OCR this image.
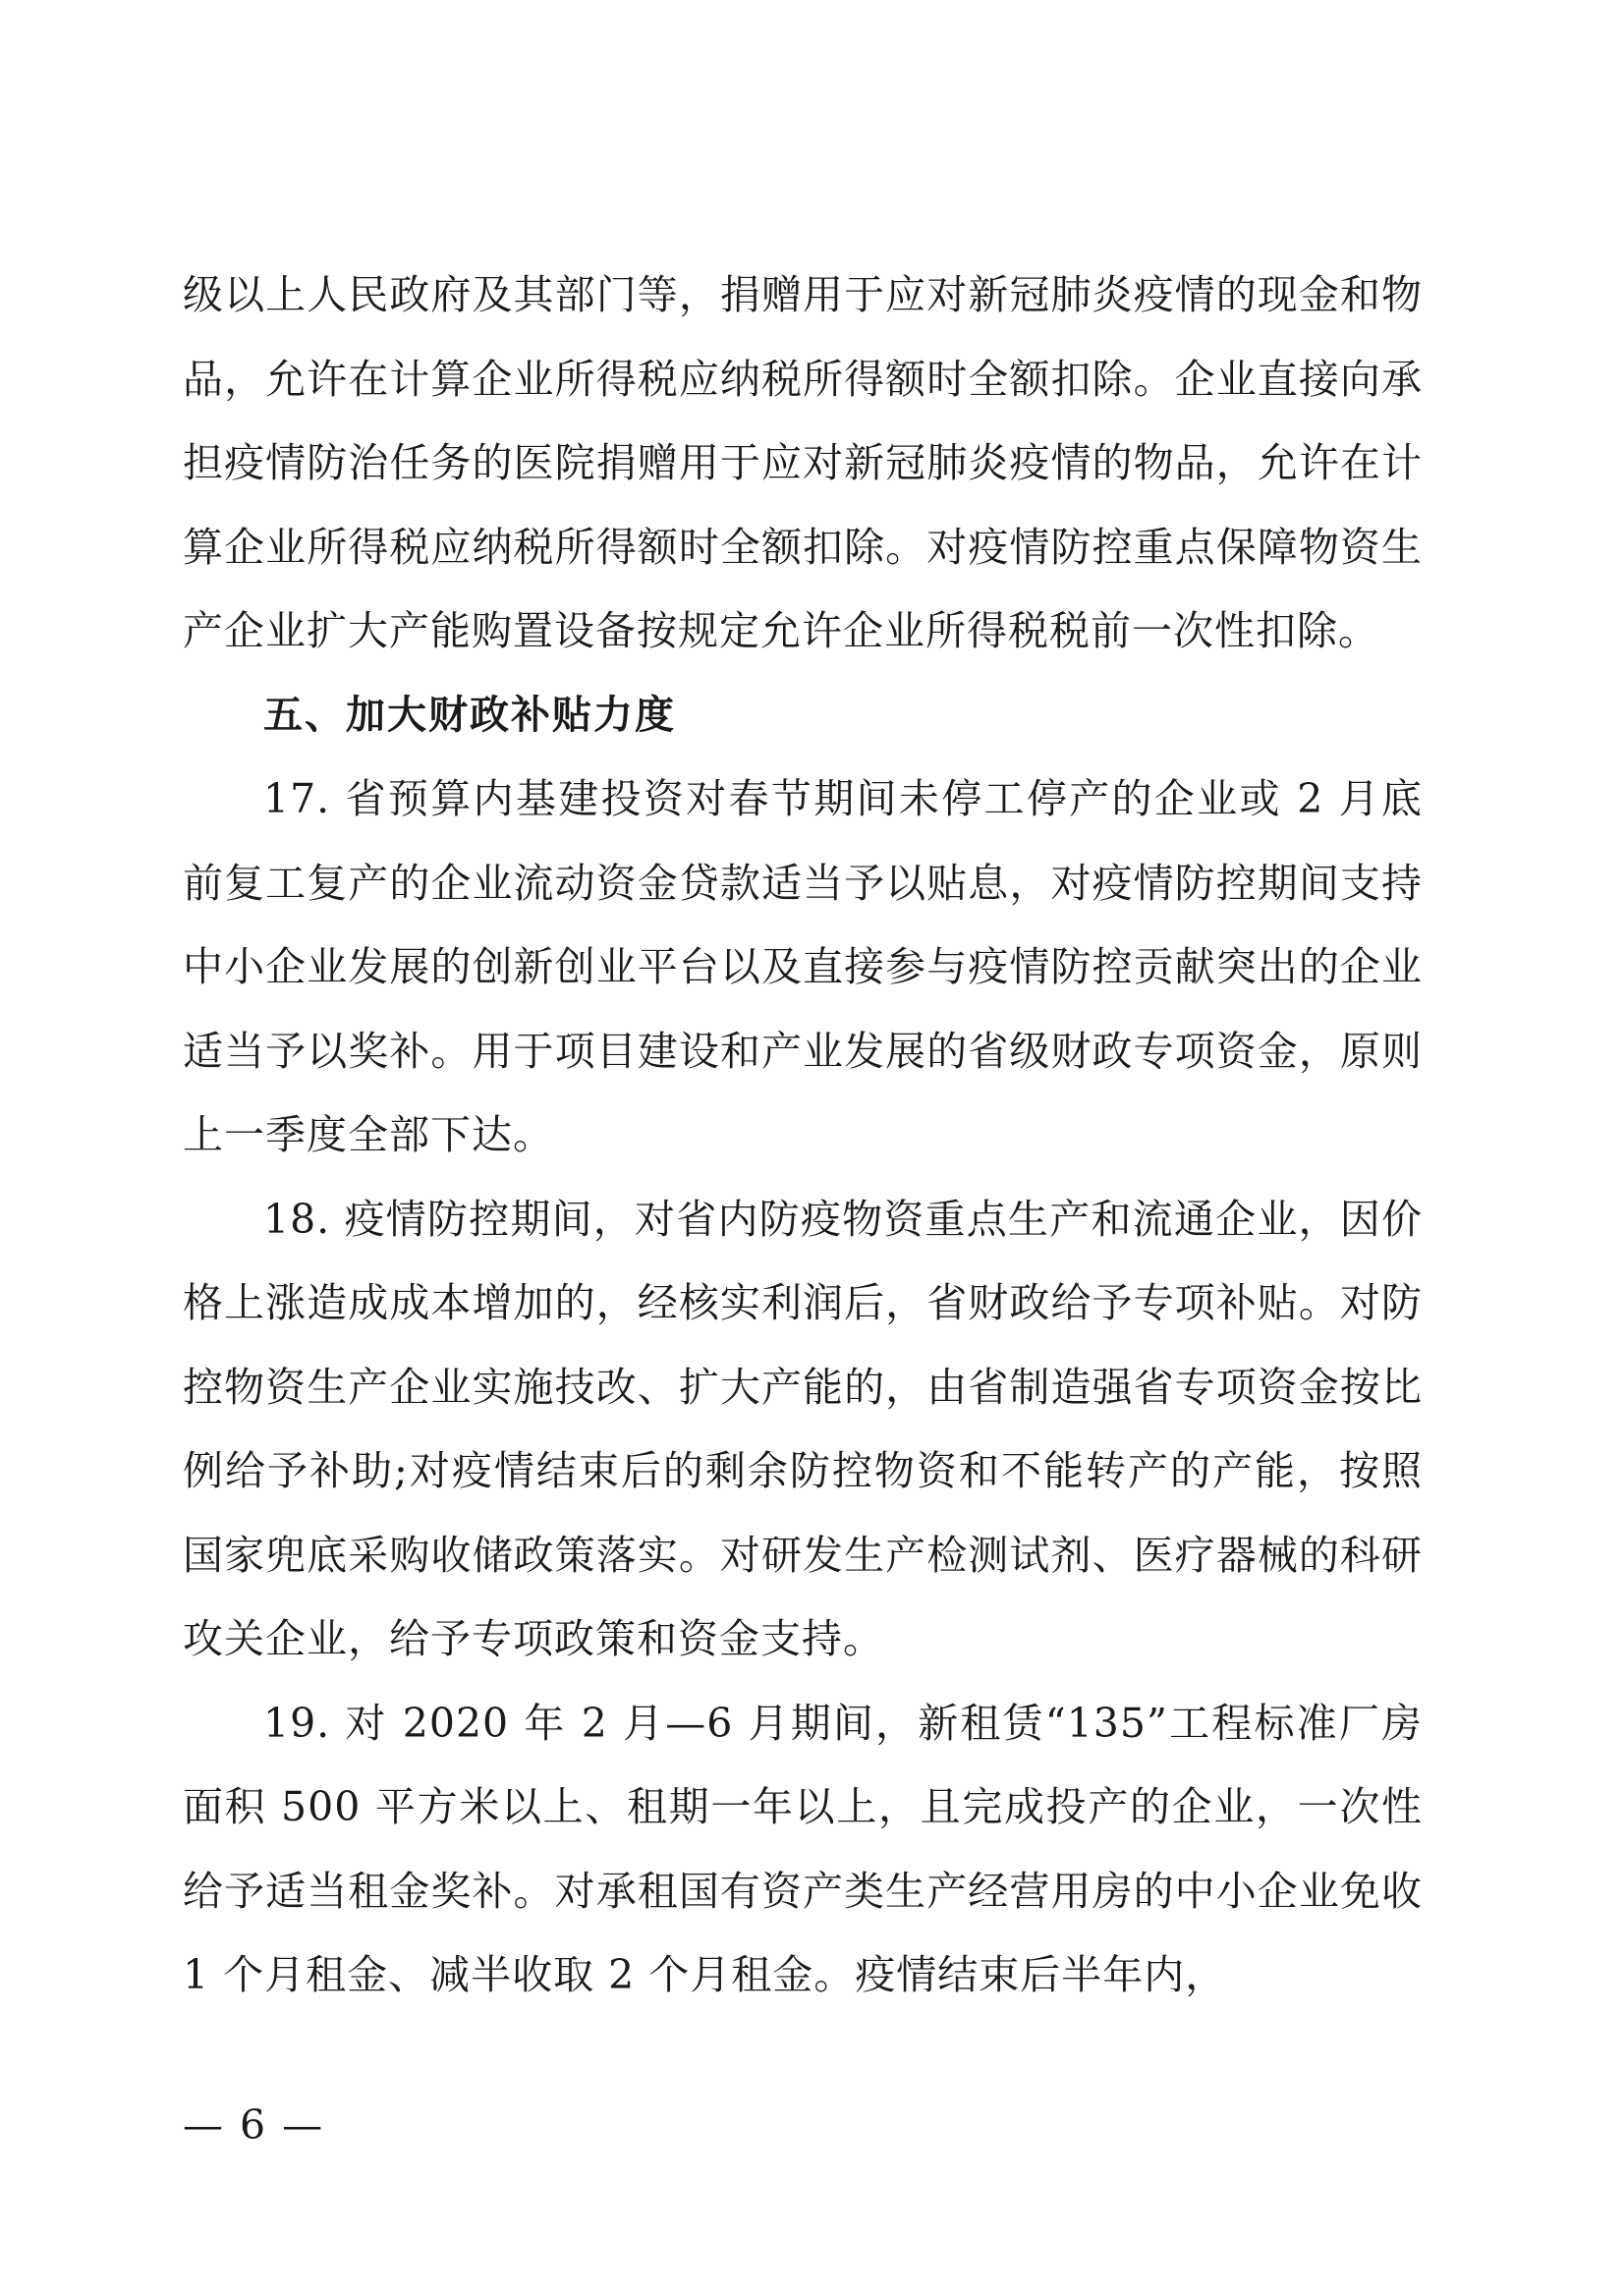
级以上人民政府及其部门等，捐赠用于应对新冠肺炎疫情的现金和物品，允许在计算企业所得税应纳税所得额时全额扣除。企业直接向承担疫情防治任务的医院捐赠用于应对新冠肺炎疫情的物品，允许在计算企业所得税应纳税所得额时全额扣除。对疫情防控重点保障物资生产企业扩大产能购置设备按规定允许企业所得税税前一次性扣除。

五、加大财政补贴力度

17. 省预算内基建投资对春节期间未停工停产的企业或 2 月底前复工复产的企业流动资金贷款适当予以贴息，对疫情防控期间支持中小企业发展的创新创业平台以及直接参与疫情防控贡献突出的企业适当予以奖补。用于项目建设和产业发展的省级财政专项资金，原则上一季度全部下达。

18. 疫情防控期间，对省内防疫物资重点生产和流通企业，因价格上涨造成成本增加的，经核实利润后，省财政给予专项补贴。对防控物资生产企业实施技改、扩大产能的，由省制造强省专项资金按比例给予补助;对疫情结束后的剩余防控物资和不能转产的产能，按照国家兜底采购收储政策落实。对研发生产检测试剂、医疗器械的科研攻关企业，给予专项政策和资金支持。

19. 对 2020 年 2 月—6 月期间，新租赁“135”工程标准厂房面积 500 平方米以上、租期一年以上，且完成投产的企业，一次性给予适当租金奖补。对承租国有资产类生产经营用房的中小企业免收 1 个月租金、减半收取 2 个月租金。疫情结束后半年内，

— 6 —
